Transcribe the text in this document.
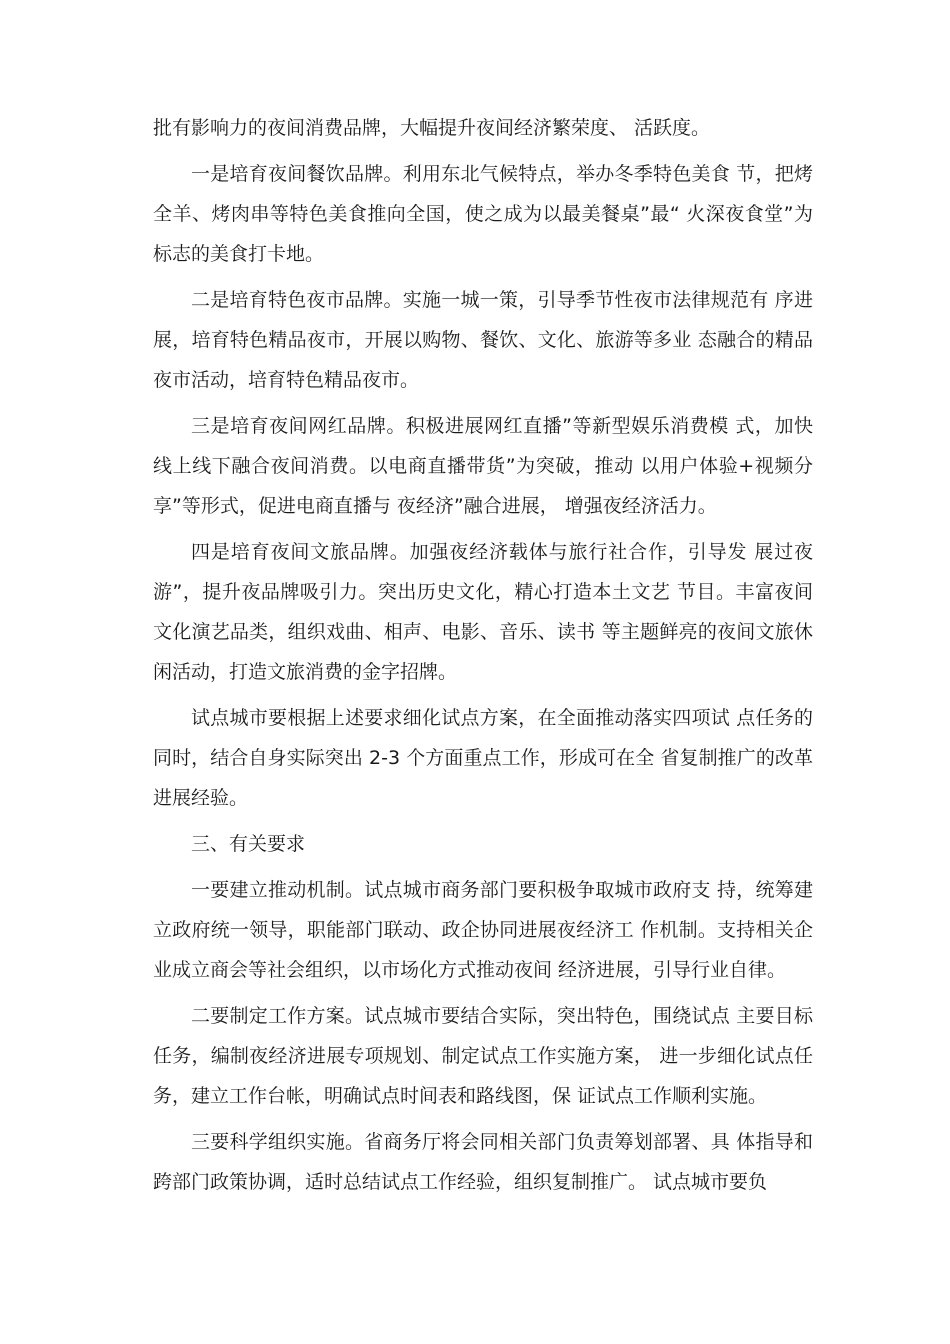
批有影响力的夜间消费品牌，大幅提升夜间经济繁荣度、 活跃度。

一是培育夜间餐饮品牌。利用东北气候特点，举办冬季特色美食 节，把烤全羊、烤肉串等特色美食推向全国，使之成为以最美餐桌”最“ 火深夜食堂”为标志的美食打卡地。

二是培育特色夜市品牌。实施一城一策，引导季节性夜市法律规范有 序进展，培育特色精品夜市，开展以购物、餐饮、文化、旅游等多业 态融合的精品夜市活动，培育特色精品夜市。

三是培育夜间网红品牌。积极进展网红直播”等新型娱乐消费模 式，加快线上线下融合夜间消费。以电商直播带货”为突破，推动 以用户体验+视频分享”等形式，促进电商直播与 夜经济”融合进展， 增强夜经济活力。

四是培育夜间文旅品牌。加强夜经济载体与旅行社合作，引导发 展过夜游”，提升夜品牌吸引力。突出历史文化，精心打造本土文艺 节目。丰富夜间文化演艺品类，组织戏曲、相声、电影、音乐、读书 等主题鲜亮的夜间文旅休闲活动，打造文旅消费的金字招牌。

试点城市要根据上述要求细化试点方案，在全面推动落实四项试 点任务的同时，结合自身实际突出 2-3 个方面重点工作，形成可在全 省复制推广的改革进展经验。

三、有关要求

一要建立推动机制。试点城市商务部门要积极争取城市政府支 持，统筹建立政府统一领导，职能部门联动、政企协同进展夜经济工 作机制。支持相关企业成立商会等社会组织，以市场化方式推动夜间 经济进展，引导行业自律。

二要制定工作方案。试点城市要结合实际，突出特色，围绕试点 主要目标任务，编制夜经济进展专项规划、制定试点工作实施方案， 进一步细化试点任务，建立工作台帐，明确试点时间表和路线图，保 证试点工作顺利实施。

三要科学组织实施。省商务厅将会同相关部门负责筹划部署、具 体指导和跨部门政策协调，适时总结试点工作经验，组织复制推广。 试点城市要负
